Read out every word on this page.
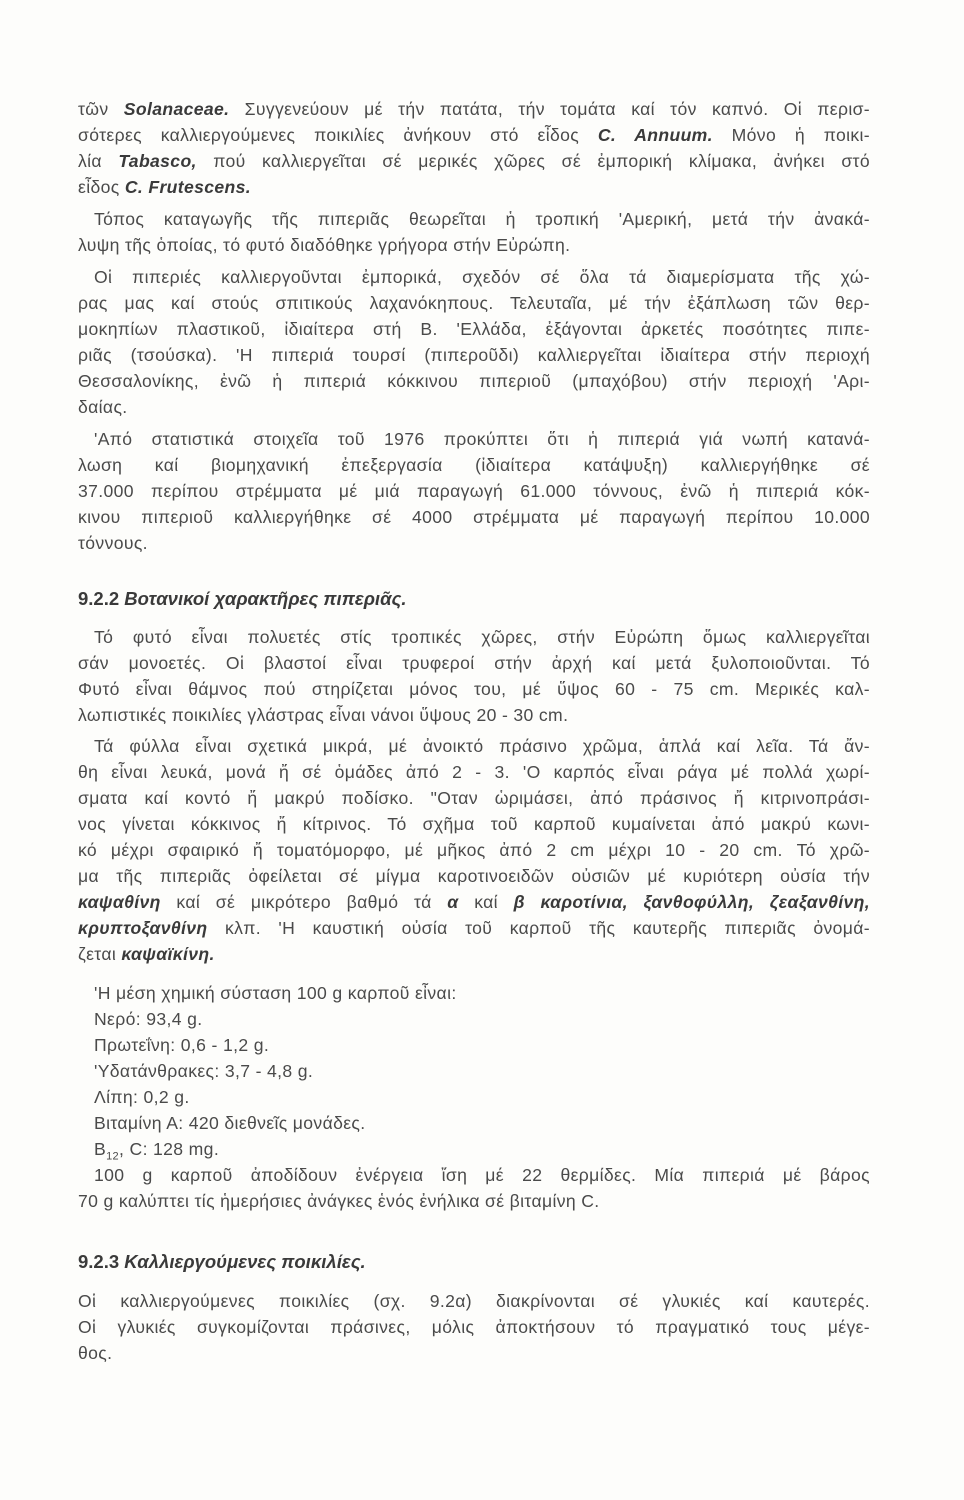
τῶν Solanaceae. Συγγενεύουν μέ τήν πατάτα, τήν τομάτα καί τόν καπνό. Οἱ περισ-
σότερες καλλιεργούμενες ποικιλίες ἀνήκουν στό εἶδος C. Annuum. Μόνο ἡ ποικι-
λία Tabasco, πού καλλιεργεῖται σέ μερικές χῶρες σέ ἐμπορική κλίμακα, ἀνήκει στό
εἶδος C. Frutescens.
Τόπος καταγωγῆς τῆς πιπεριᾶς θεωρεῖται ἡ τροπική 'Αμερική, μετά τήν ἀνακά-
λυψη τῆς ὁποίας, τό φυτό διαδόθηκε γρήγορα στήν Εὐρώπη.
Οἱ πιπεριές καλλιεργοῦνται ἐμπορικά, σχεδόν σέ ὅλα τά διαμερίσματα τῆς χώ-
ρας μας καί στούς σπιτικούς λαχανόκηπους. Τελευταῖα, μέ τήν ἐξάπλωση τῶν θερ-
μοκηπίων πλαστικοῦ, ἰδιαίτερα στή Β. 'Ελλάδα, ἐξάγονται ἀρκετές ποσότητες πιπε-
ριᾶς (τσούσκα). 'Η πιπεριά τουρσί (πιπεροῦδι) καλλιεργεῖται ἰδιαίτερα στήν περιοχή
Θεσσαλονίκης, ἐνῶ ἡ πιπεριά κόκκινου πιπεριοῦ (μπαχόβου) στήν περιοχή 'Αρι-
δαίας.
'Από στατιστικά στοιχεῖα τοῦ 1976 προκύπτει ὅτι ἡ πιπεριά γιά νωπή κατανά-
λωση καί βιομηχανική ἐπεξεργασία (ἰδιαίτερα κατάψυξη) καλλιεργήθηκε σέ
37.000 περίπου στρέμματα μέ μιά παραγωγή 61.000 τόννους, ἐνῶ ἡ πιπεριά κόκ-
κινου πιπεριοῦ καλλιεργήθηκε σέ 4000 στρέμματα μέ παραγωγή περίπου 10.000
τόννους.
9.2.2 Βοτανικοί χαρακτῆρες πιπεριᾶς.
Τό φυτό εἶναι πολυετές στίς τροπικές χῶρες, στήν Εὐρώπη ὅμως καλλιεργεῖται
σάν μονοετές. Οἱ βλαστοί εἶναι τρυφεροί στήν ἀρχή καί μετά ξυλοποιοῦνται. Τό
Φυτό εἶναι θάμνος πού στηρίζεται μόνος του, μέ ὕψος 60 - 75 cm. Μερικές καλ-
λωπιστικές ποικιλίες γλάστρας εἶναι νάνοι ὕψους 20 - 30 cm.
Τά φύλλα εἶναι σχετικά μικρά, μέ ἀνοικτό πράσινο χρῶμα, ἁπλά καί λεῖα. Τά ἄν-
θη εἶναι λευκά, μονά ἤ σέ ὁμάδες ἀπό 2 - 3. 'Ο καρπός εἶναι ράγα μέ πολλά χωρί-
σματα καί κοντό ἤ μακρύ ποδίσκο. "Οταν ὡριμάσει, ἀπό πράσινος ἤ κιτρινοπράσι-
νος γίνεται κόκκινος ἤ κίτρινος. Τό σχῆμα τοῦ καρποῦ κυμαίνεται ἀπό μακρύ κωνι-
κό μέχρι σφαιρικό ἤ τοματόμορφο, μέ μῆκος ἀπό 2 cm μέχρι 10 - 20 cm. Τό χρῶ-
μα τῆς πιπεριᾶς ὀφείλεται σέ μίγμα καροτινοειδῶν οὐσιῶν μέ κυριότερη οὐσία τήν
καψαθίνη καί σέ μικρότερο βαθμό τά α καί β καροτίνια, ξανθοφύλλη, ζεαξανθίνη,
κρυπτοξανθίνη κλπ. 'Η καυστική οὐσία τοῦ καρποῦ τῆς καυτερῆς πιπεριᾶς ὀνομά-
ζεται καψαϊκίνη.
'Η μέση χημική σύσταση 100 g καρποῦ εἶναι:
Νερό: 93,4 g.
Πρωτεΐνη: 0,6 - 1,2 g.
'Υδατάνθρακες: 3,7 - 4,8 g.
Λίπη: 0,2 g.
Βιταμίνη Α: 420 διεθνεῖς μονάδες.
$B_{12}$, C: 128 mg.
100 g καρποῦ ἀποδίδουν ἐνέργεια ἴση μέ 22 θερμίδες. Μία πιπεριά μέ βάρος
70 g καλύπτει τίς ἡμερήσιες ἀνάγκες ἑνός ἐνήλικα σέ βιταμίνη C.
9.2.3 Καλλιεργούμενες ποικιλίες.
Οἱ καλλιεργούμενες ποικιλίες (σχ. 9.2α) διακρίνονται σέ γλυκιές καί καυτερές.
Οἱ γλυκιές συγκομίζονται πράσινες, μόλις ἀποκτήσουν τό πραγματικό τους μέγε-
θος.
